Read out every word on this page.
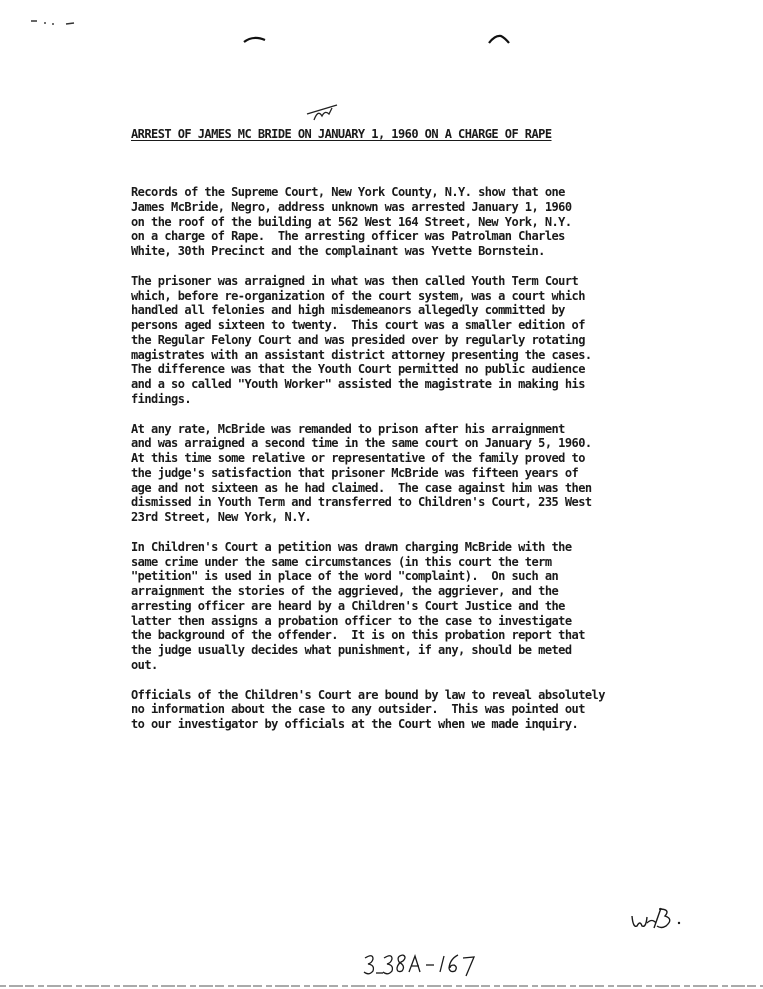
ARREST OF JAMES MC BRIDE ON JANUARY 1, 1960 ON A CHARGE OF RAPE
Records of the Supreme Court, New York County, N.Y. show that one
James McBride, Negro, address unknown was arrested January 1, 1960
on the roof of the building at 562 West 164 Street, New York, N.Y.
on a charge of Rape.  The arresting officer was Patrolman Charles
White, 30th Precinct and the complainant was Yvette Bornstein.
The prisoner was arraigned in what was then called Youth Term Court
which, before re-organization of the court system, was a court which
handled all felonies and high misdemeanors allegedly committed by
persons aged sixteen to twenty.  This court was a smaller edition of
the Regular Felony Court and was presided over by regularly rotating
magistrates with an assistant district attorney presenting the cases.
The difference was that the Youth Court permitted no public audience
and a so called "Youth Worker" assisted the magistrate in making his
findings.
At any rate, McBride was remanded to prison after his arraignment
and was arraigned a second time in the same court on January 5, 1960.
At this time some relative or representative of the family proved to
the judge's satisfaction that prisoner McBride was fifteen years of
age and not sixteen as he had claimed.  The case against him was then
dismissed in Youth Term and transferred to Children's Court, 235 West
23rd Street, New York, N.Y.
In Children's Court a petition was drawn charging McBride with the
same crime under the same circumstances (in this court the term
"petition" is used in place of the word "complaint).  On such an
arraignment the stories of the aggrieved, the aggriever, and the
arresting officer are heard by a Children's Court Justice and the
latter then assigns a probation officer to the case to investigate
the background of the offender.  It is on this probation report that
the judge usually decides what punishment, if any, should be meted
out.
Officials of the Children's Court are bound by law to reveal absolutely
no information about the case to any outsider.  This was pointed out
to our investigator by officials at the Court when we made inquiry.
